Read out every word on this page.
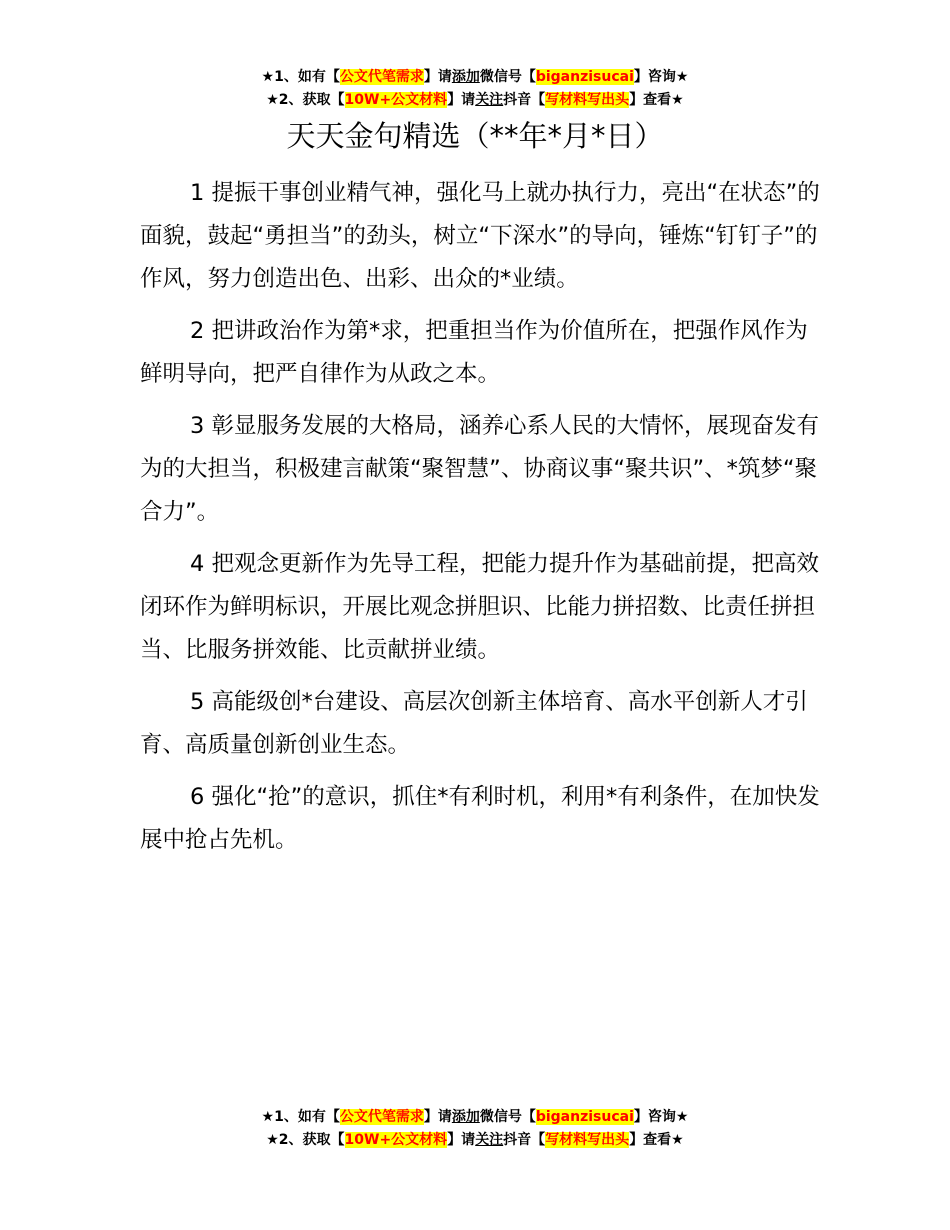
★1、如有【公文代笔需求】请添加微信号【biganzisucai】咨询★
★2、获取【10W+公文材料】请关注抖音【写材料写出头】查看★
天天金句精选（**年*月*日）

1 提振干事创业精气神，强化马上就办执行力，亮出“在状态”的面貌，鼓起“勇担当”的劲头，树立“下深水”的导向，锤炼“钉钉子”的作风，努力创造出色、出彩、出众的*业绩。

2 把讲政治作为第*求，把重担当作为价值所在，把强作风作为鲜明导向，把严自律作为从政之本。

3 彰显服务发展的大格局，涵养心系人民的大情怀，展现奋发有为的大担当，积极建言献策“聚智慧”、协商议事“聚共识”、*筑梦“聚合力”。

4 把观念更新作为先导工程，把能力提升作为基础前提，把高效闭环作为鲜明标识，开展比观念拼胆识、比能力拼招数、比责任拼担当、比服务拼效能、比贡献拼业绩。

5 高能级创*台建设、高层次创新主体培育、高水平创新人才引育、高质量创新创业生态。

6 强化“抢”的意识，抓住*有利时机，利用*有利条件，在加快发展中抢占先机。

★1、如有【公文代笔需求】请添加微信号【biganzisucai】咨询★
★2、获取【10W+公文材料】请关注抖音【写材料写出头】查看★
